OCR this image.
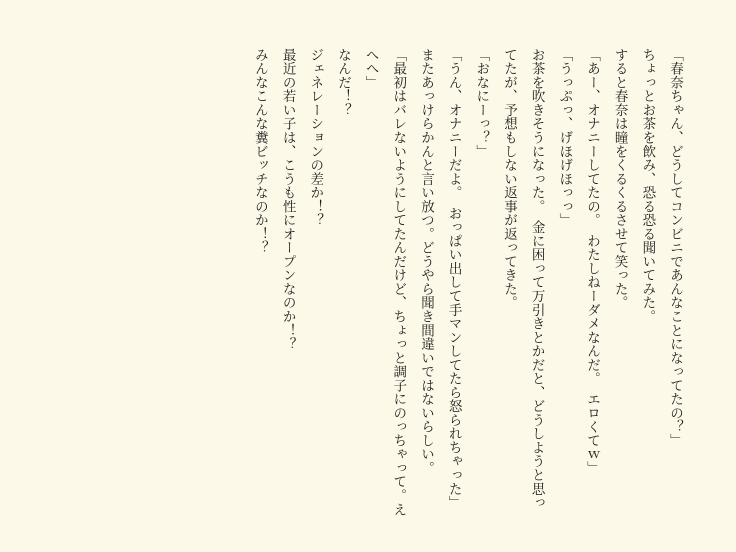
「春奈ちゃん、どうしてコンビニであんなことになってたの？」

ちょっとお茶を飲み、恐る恐る聞いてみた。

すると春奈は瞳をくるくるさせて笑った。

「あー、オナニーしてたの。　わたしねーダメなんだ。　エロくてｗ」

「うっぷっ、げほげほっっ」

お茶を吹きそうになった。　金に困って万引きとかだと、どうしようと思ってたが、予想もしない返事が返ってきた。

「おなにーっ？」

「うん、オナニーだよ。　おっぱい出して手マンしてたら怒られちゃった」

またあっけらかんと言い放つ。どうやら聞き間違いではないらしい。

「最初はバレないようにしてたんだけど、ちょっと調子にのっちゃって。えへへ」

なんだ！？

ジェネレーションの差か！？

最近の若い子は、こうも性にオープンなのか！？

みんなこんな糞ビッチなのか！？
